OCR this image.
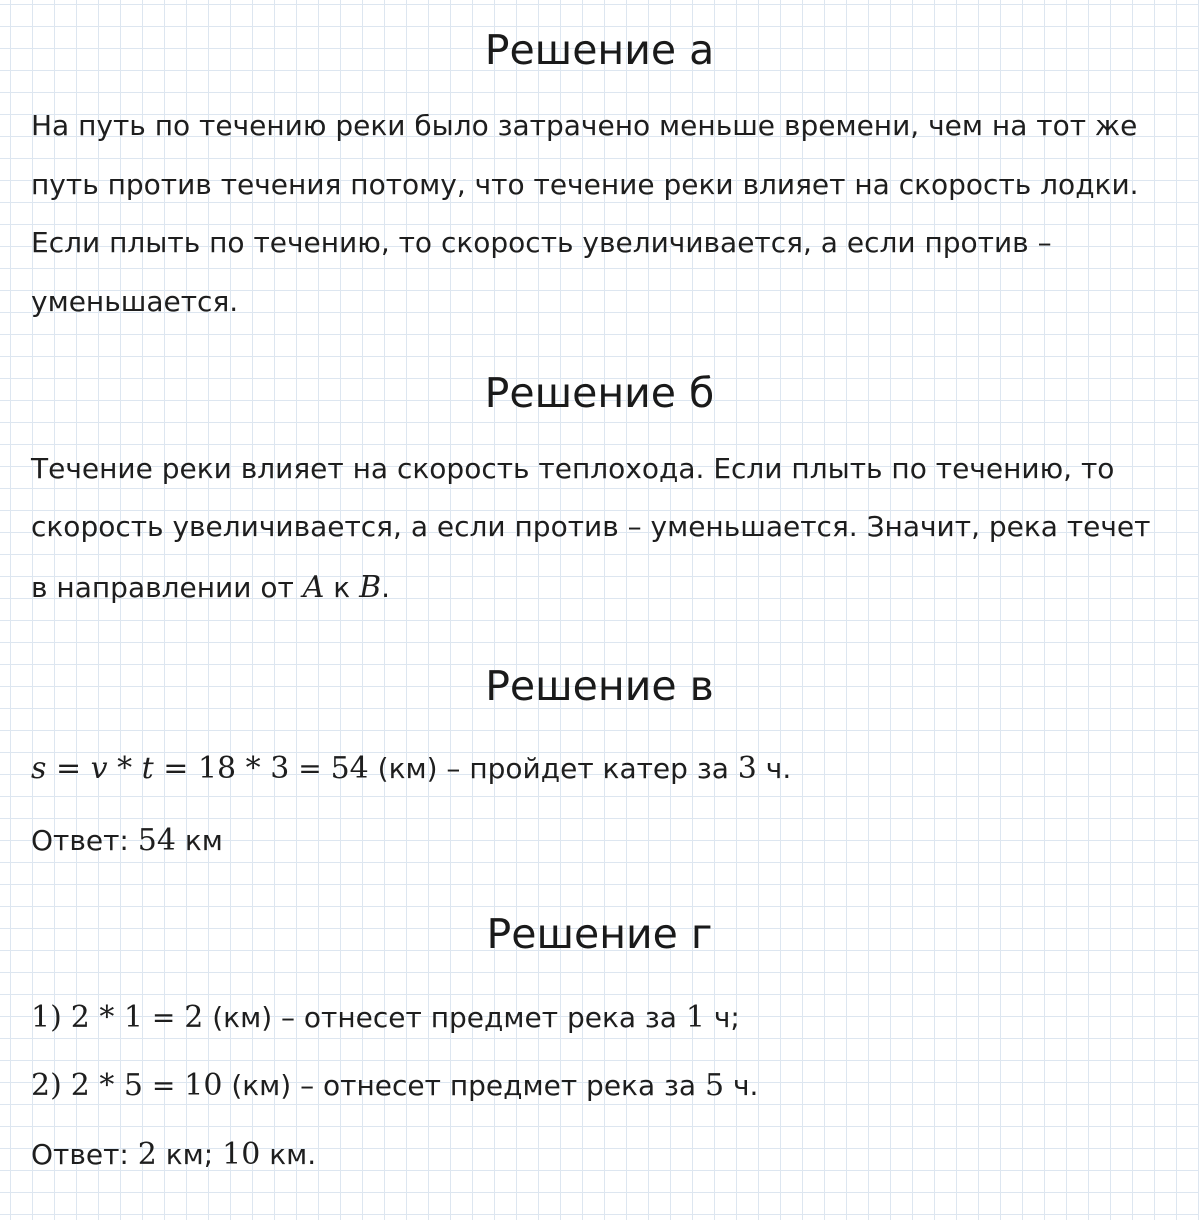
Решение а

На путь по течению реки было затрачено меньше времени, чем на тот же

путь против течения потому, что течение реки влияет на скорость лодки.

Если плыть по течению, то скорость увеличивается, а если против –

уменьшается.

Решение б

Течение реки влияет на скорость теплохода. Если плыть по течению, то

скорость увеличивается, а если против – уменьшается. Значит, река течет

в направлении от A к B.

Решение в

s = v * t = 18 * 3 = 54 (км) – пройдет катер за 3 ч.

Ответ: 54 км

Решение г

1) 2 * 1 = 2 (км) – отнесет предмет река за 1 ч;

2) 2 * 5 = 10 (км) – отнесет предмет река за 5 ч.

Ответ: 2 км; 10 км.
